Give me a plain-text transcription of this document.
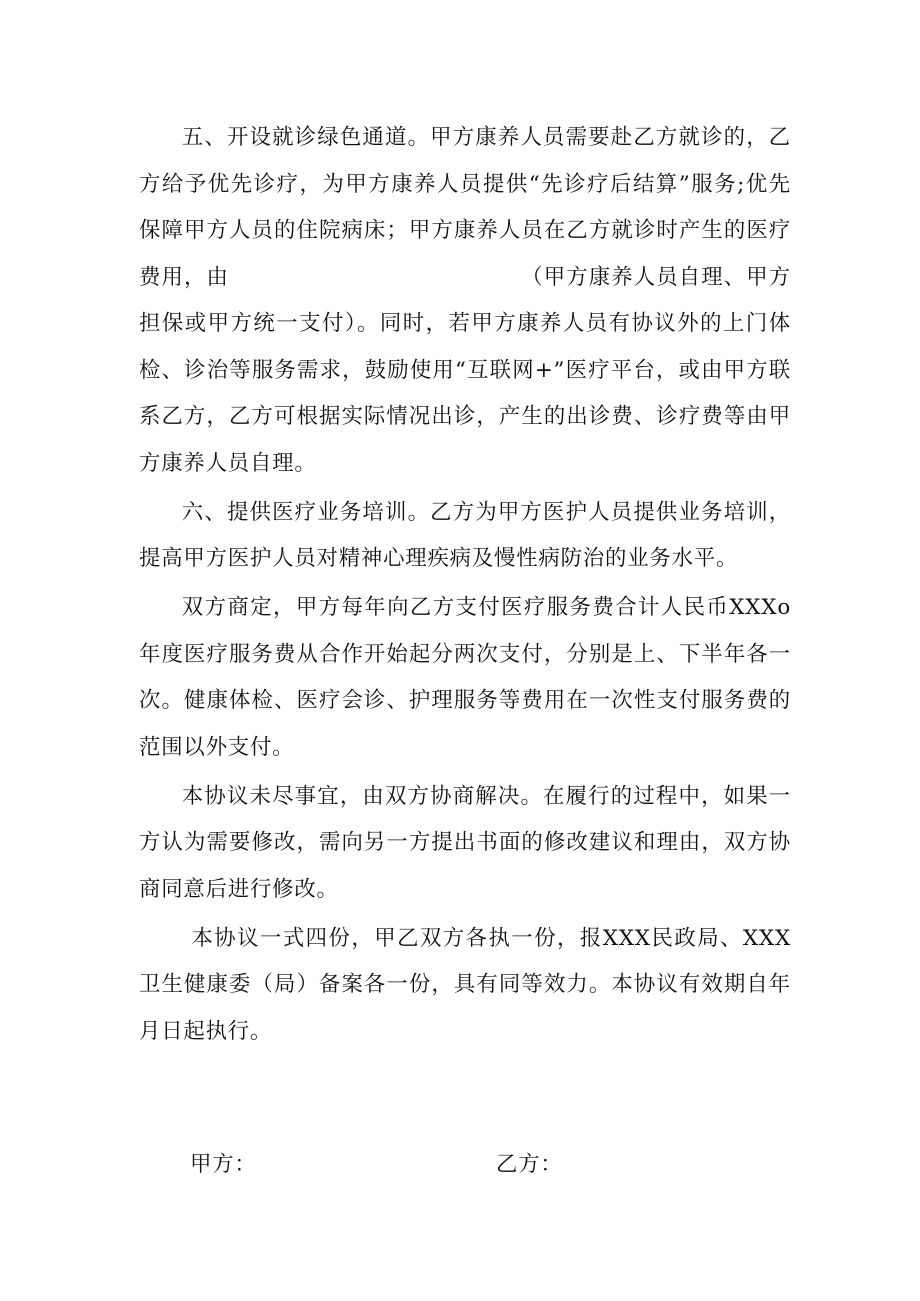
五、开设就诊绿色通道。甲方康养人员需要赴乙方就诊的，乙方给予优先诊疗，为甲方康养人员提供“先诊疗后结算”服务;优先保障甲方人员的住院病床；甲方康养人员在乙方就诊时产生的医疗费用，由	（甲方康养人员自理、甲方担保或甲方统一支付）。同时，若甲方康养人员有协议外的上门体检、诊治等服务需求，鼓励使用“互联网+”医疗平台，或由甲方联系乙方，乙方可根据实际情况出诊，产生的出诊费、诊疗费等由甲方康养人员自理。

六、提供医疗业务培训。乙方为甲方医护人员提供业务培训，提高甲方医护人员对精神心理疾病及慢性病防治的业务水平。

双方商定，甲方每年向乙方支付医疗服务费合计人民币XXXo年度医疗服务费从合作开始起分两次支付，分别是上、下半年各一次。健康体检、医疗会诊、护理服务等费用在一次性支付服务费的范围以外支付。

本协议未尽事宜，由双方协商解决。在履行的过程中，如果一方认为需要修改，需向另一方提出书面的修改建议和理由，双方协商同意后进行修改。

本协议一式四份，甲乙双方各执一份，报XXX民政局、XXX卫生健康委（局）备案各一份，具有同等效力。本协议有效期自年月日起执行。

甲方：	乙方：
